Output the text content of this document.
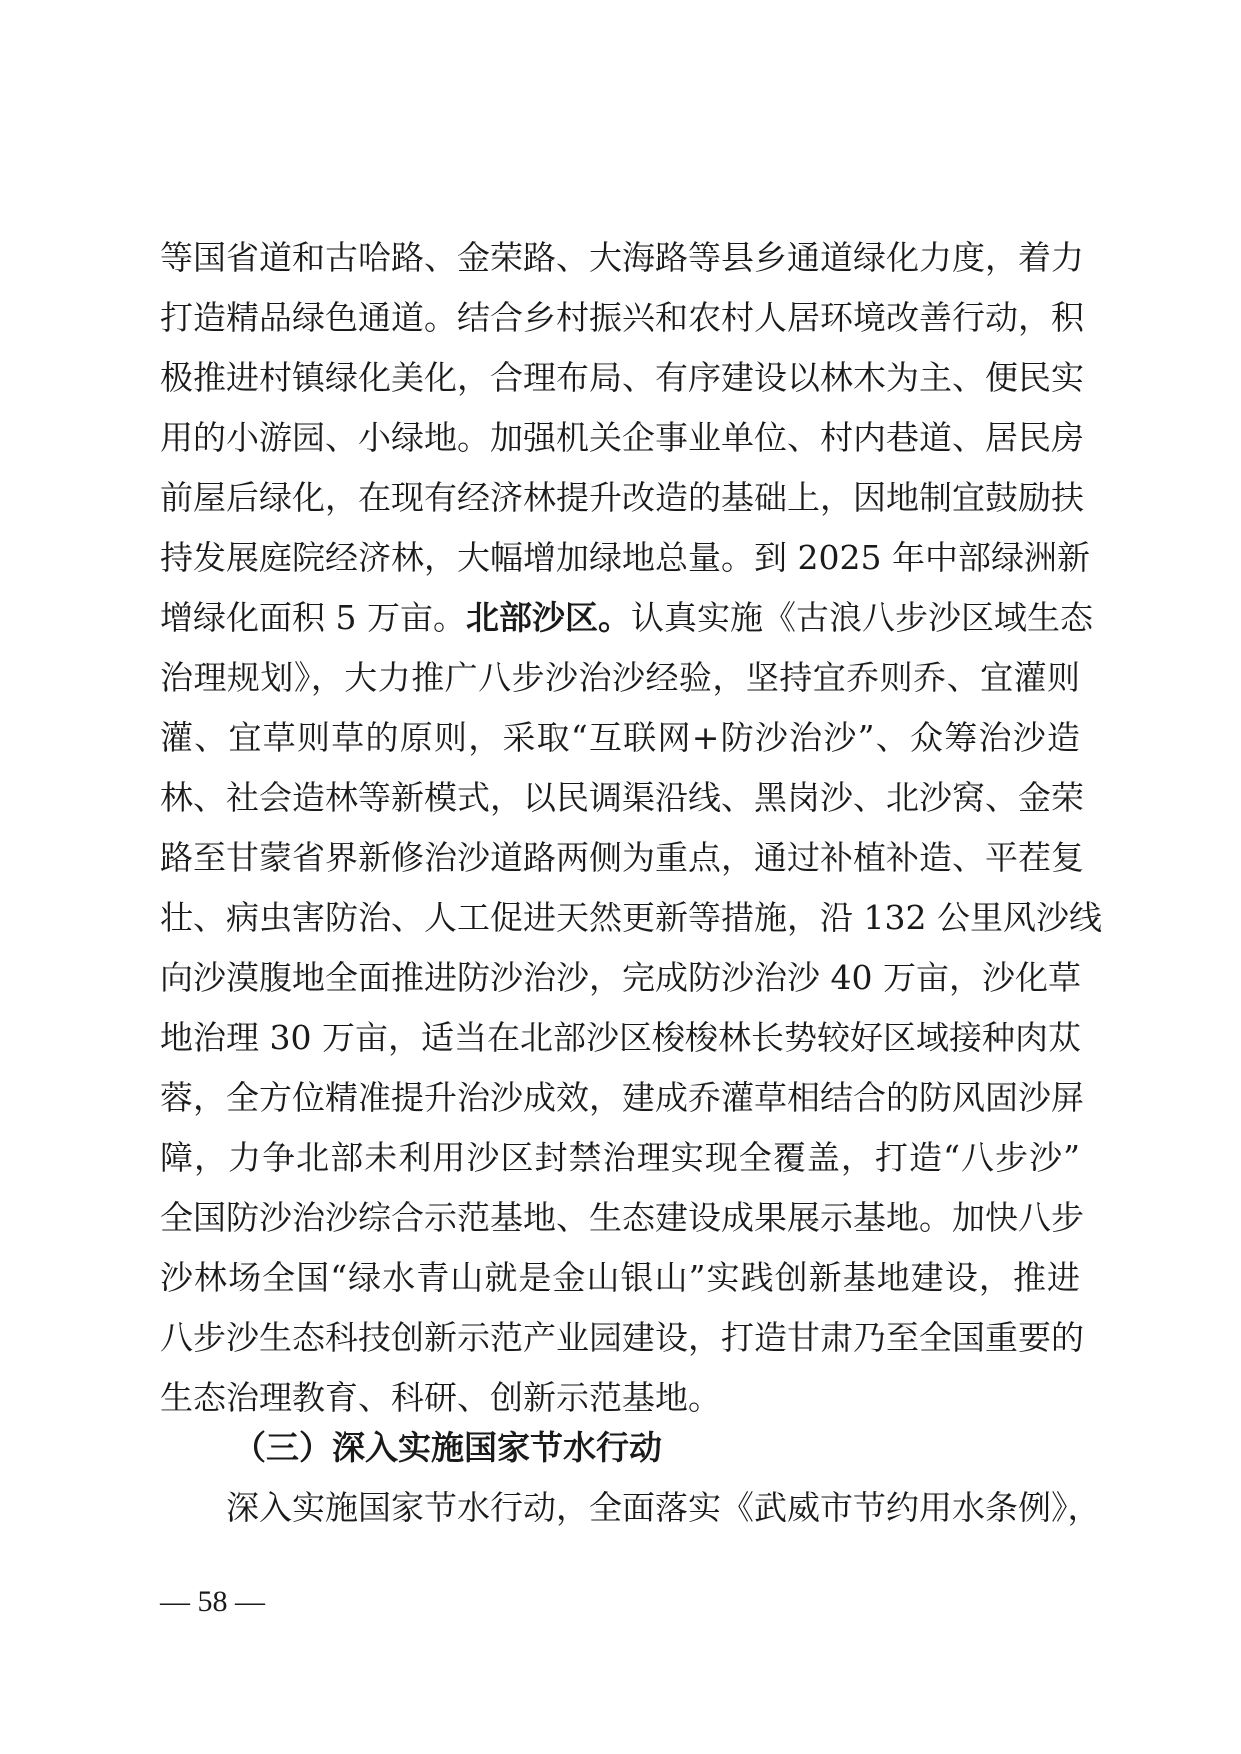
等国省道和古哈路、金荣路、大海路等县乡通道绿化力度，着力
打造精品绿色通道。结合乡村振兴和农村人居环境改善行动，积
极推进村镇绿化美化，合理布局、有序建设以林木为主、便民实
用的小游园、小绿地。加强机关企事业单位、村内巷道、居民房
前屋后绿化，在现有经济林提升改造的基础上，因地制宜鼓励扶
持发展庭院经济林，大幅增加绿地总量。到 2025 年中部绿洲新
增绿化面积 5 万亩。北部沙区。认真实施《古浪八步沙区域生态
治理规划》，大力推广八步沙治沙经验，坚持宜乔则乔、宜灌则
灌、宜草则草的原则，采取“互联网+防沙治沙”、众筹治沙造
林、社会造林等新模式，以民调渠沿线、黑岗沙、北沙窝、金荣
路至甘蒙省界新修治沙道路两侧为重点，通过补植补造、平茬复
壮、病虫害防治、人工促进天然更新等措施，沿 132 公里风沙线
向沙漠腹地全面推进防沙治沙，完成防沙治沙 40 万亩，沙化草
地治理 30 万亩，适当在北部沙区梭梭林长势较好区域接种肉苁
蓉，全方位精准提升治沙成效，建成乔灌草相结合的防风固沙屏
障，力争北部未利用沙区封禁治理实现全覆盖，打造“八步沙”
全国防沙治沙综合示范基地、生态建设成果展示基地。加快八步
沙林场全国“绿水青山就是金山银山”实践创新基地建设，推进
八步沙生态科技创新示范产业园建设，打造甘肃乃至全国重要的
生态治理教育、科研、创新示范基地。
（三）深入实施国家节水行动
深入实施国家节水行动，全面落实《武威市节约用水条例》，
— 58 —
